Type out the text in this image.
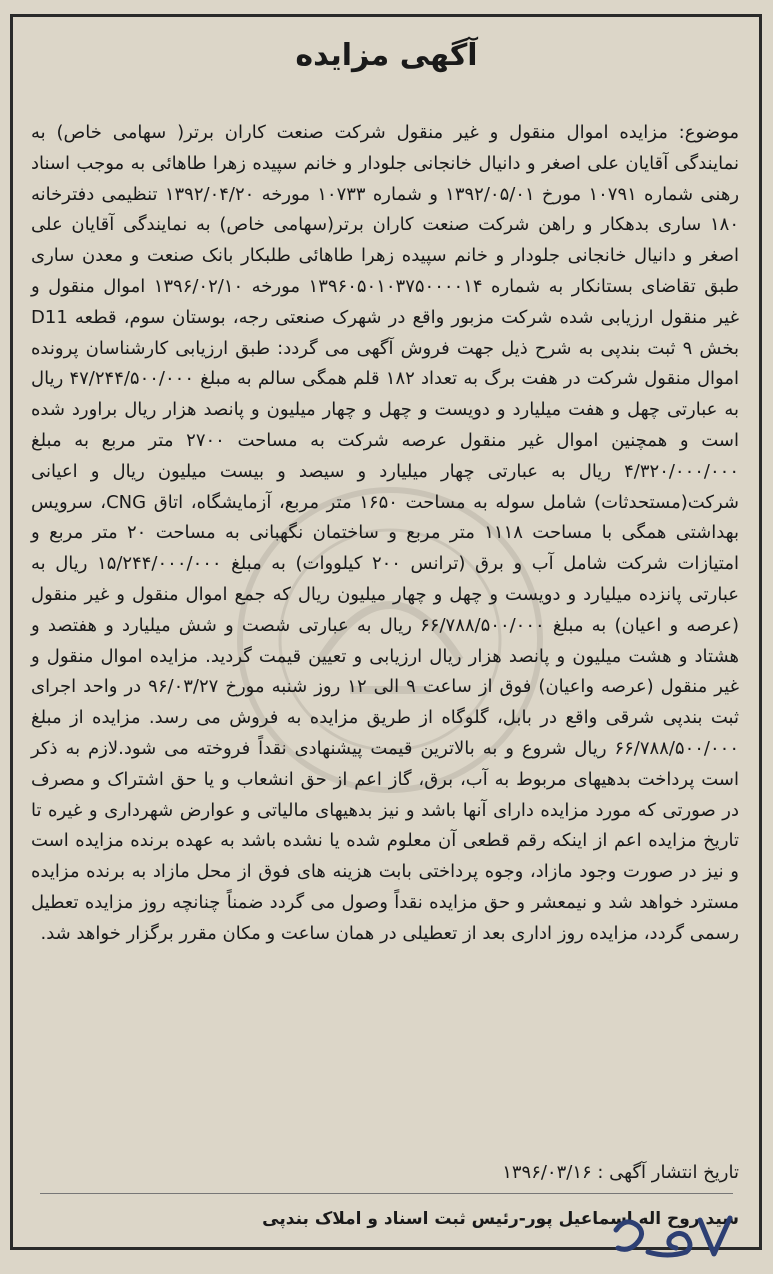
آگهی مزایده

موضوع: مزایده اموال منقول و غیر منقول شرکت صنعت کاران برتر( سهامی خاص) به نمایندگی آقایان علی اصغر و دانیال خانجانی جلودار و خانم سپیده زهرا طاهائی به موجب اسناد رهنی شماره ۱۰۷۹۱ مورخ ۱۳۹۲/۰۵/۰۱ و شماره ۱۰۷۳۳ مورخه ۱۳۹۲/۰۴/۲۰ تنظیمی دفترخانه ۱۸۰ ساری بدهکار و راهن شرکت صنعت کاران برتر(سهامی خاص) به نمایندگی آقایان علی اصغر و دانیال خانجانی جلودار و خانم سپیده زهرا طاهائی طلبکار بانک صنعت و معدن ساری طبق تقاضای بستانکار به شماره ۱۳۹۶۰۵۰۱۰۳۷۵۰۰۰۰۱۴ مورخه ۱۳۹۶/۰۲/۱۰ اموال منقول و غیر منقول ارزیابی شده شرکت مزبور واقع در شهرک صنعتی رجه، بوستان سوم، قطعه D11 بخش ۹ ثبت بندپی به شرح ذیل جهت فروش آگهی می گردد: طبق ارزیابی کارشناسان پرونده اموال منقول شرکت در هفت برگ به تعداد ۱۸۲ قلم همگی سالم به مبلغ ۴۷/۲۴۴/۵۰۰/۰۰۰ ریال به عبارتی چهل و هفت میلیارد و دویست و چهل و چهار میلیون و پانصد هزار ریال براورد شده است و همچنین اموال غیر منقول عرصه شرکت به مساحت ۲۷۰۰ متر مربع به مبلغ ۴/۳۲۰/۰۰۰/۰۰۰ ریال به عبارتی چهار میلیارد و سیصد و بیست میلیون ریال و اعیانی شرکت(مستحدثات) شامل سوله به مساحت ۱۶۵۰ متر مربع، آزمایشگاه، اتاق CNG، سرویس بهداشتی همگی با مساحت ۱۱۱۸ متر مربع و ساختمان نگهبانی به مساحت ۲۰ متر مربع و امتیازات شرکت شامل آب و برق (ترانس ۲۰۰ کیلووات) به مبلغ ۱۵/۲۴۴/۰۰۰/۰۰۰ ریال به عبارتی پانزده میلیارد و دویست و چهل و چهار میلیون ریال که جمع اموال منقول و غیر منقول (عرصه و اعیان) به مبلغ ۶۶/۷۸۸/۵۰۰/۰۰۰ ریال به عبارتی شصت و شش میلیارد و هفتصد و هشتاد و هشت میلیون و پانصد هزار ریال ارزیابی و تعیین قیمت گردید. مزایده اموال منقول و غیر منقول (عرصه واعیان) فوق از ساعت ۹ الی ۱۲ روز شنبه مورخ ۹۶/۰۳/۲۷ در واحد اجرای ثبت بندپی شرقی واقع در بابل، گلوگاه از طریق مزایده به فروش می رسد. مزایده از مبلغ ۶۶/۷۸۸/۵۰۰/۰۰۰ ریال شروع و به بالاترین قیمت پیشنهادی نقداً فروخته می شود.لازم به ذکر است پرداخت بدهیهای مربوط به آب، برق، گاز اعم از حق انشعاب و یا حق اشتراک و مصرف در صورتی که مورد مزایده دارای آنها باشد و نیز بدهیهای مالیاتی و عوارض شهرداری و غیره تا تاریخ مزایده اعم از اینکه رقم قطعی آن معلوم شده یا نشده باشد به عهده برنده مزایده است و نیز در صورت وجود مازاد، وجوه پرداختی بابت هزینه های فوق از محل مازاد به برنده مزایده مسترد خواهد شد و نیمعشر و حق مزایده نقداً وصول می گردد ضمناً چنانچه روز مزایده تعطیل رسمی گردد، مزایده روز اداری بعد از تعطیلی در همان ساعت و مکان مقرر برگزار خواهد شد.

تاریخ انتشار آگهی : ۱۳۹۶/۰۳/۱۶

سید روح اله اسماعیل پور-رئیس ثبت اسناد و املاک بندپی
